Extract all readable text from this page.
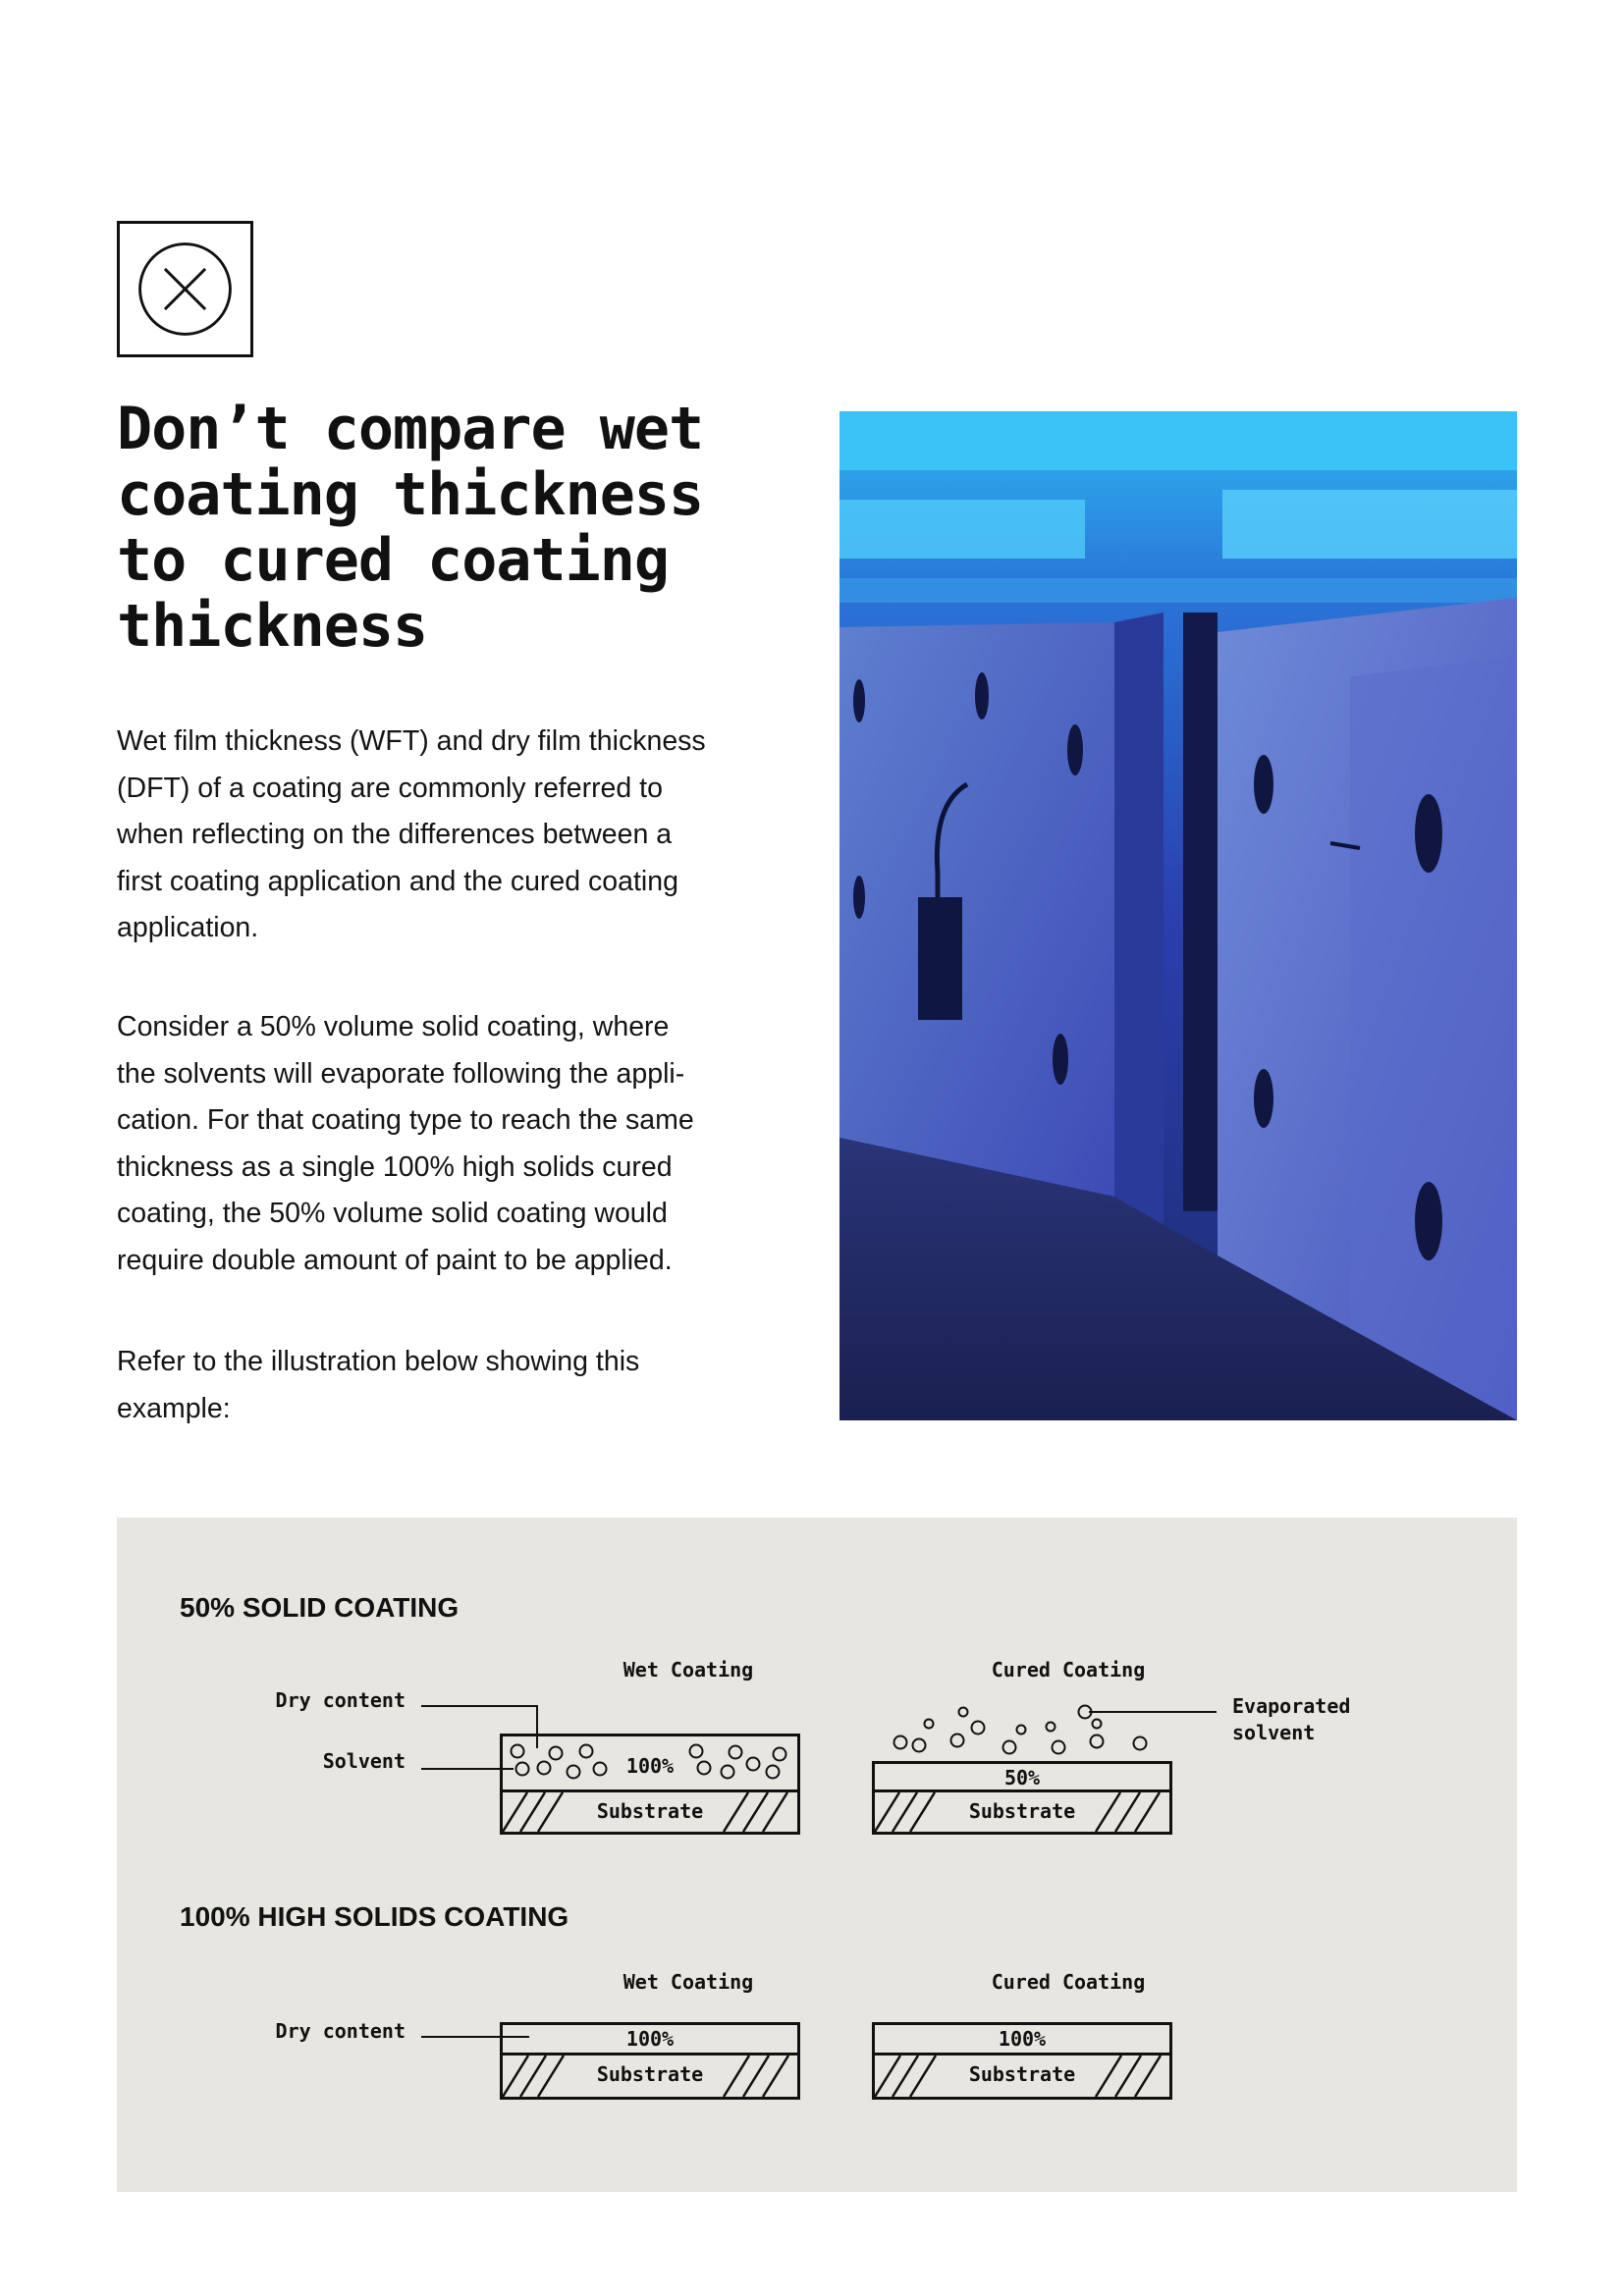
Don’t compare wet coating thickness to cured coating thickness

Wet film thickness (WFT) and dry film thickness (DFT) of a coating are commonly referred to when reflecting on the differences between a first coating application and the cured coating application.

Consider a 50% volume solid coating, where the solvents will evaporate following the appli-cation. For that coating type to reach the same thickness as a single 100% high solids cured coating, the 50% volume solid coating would require double amount of paint to be applied.

Refer to the illustration below showing this example:

50% SOLID COATING
Wet Coating	Cured Coating
Dry content
Solvent
Evaporated
solvent
100%
Substrate
50%
Substrate
100% HIGH SOLIDS COATING
Wet Coating	Cured Coating
Dry content	100%
Substrate
100%
Substrate
